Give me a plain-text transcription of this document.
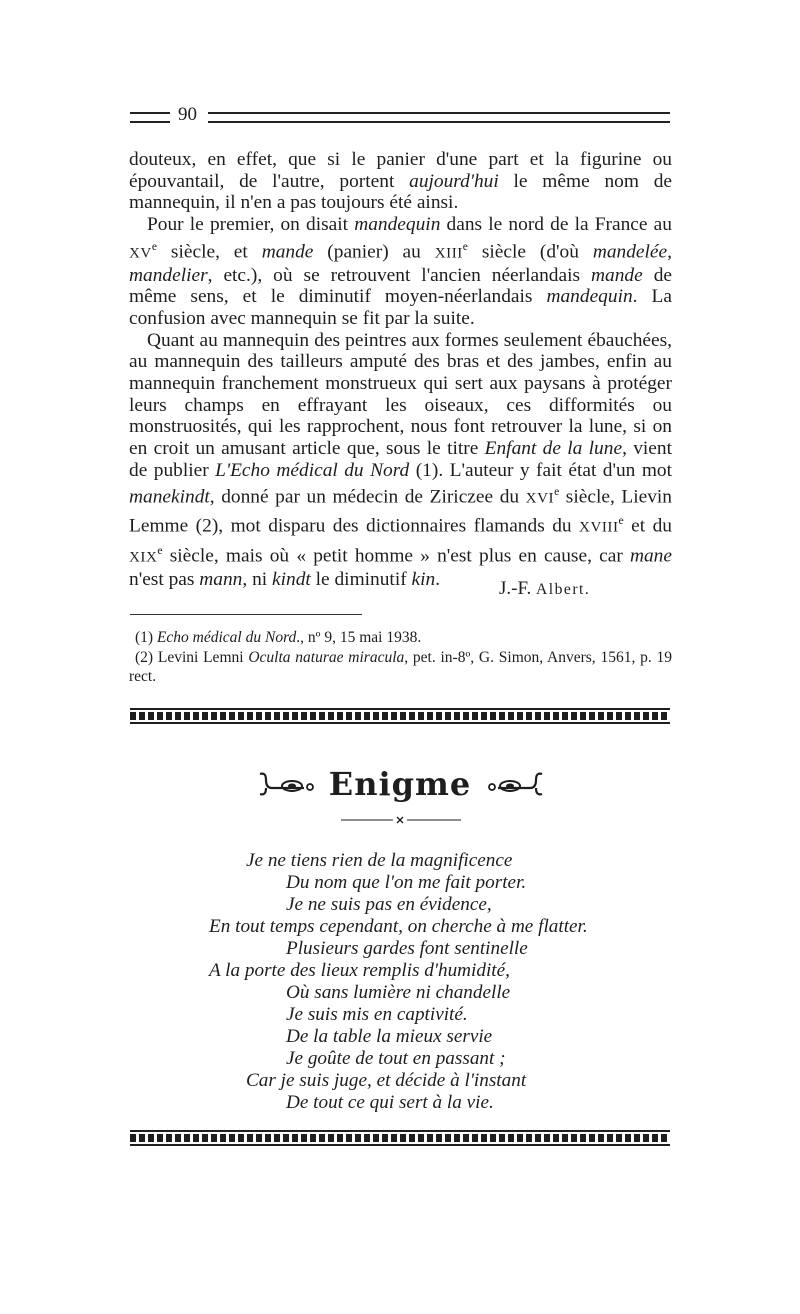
90

douteux, en effet, que si le panier d'une part et la figurine ou épouvantail, de l'autre, portent aujourd'hui le même nom de mannequin, il n'en a pas toujours été ainsi.

Pour le premier, on disait mandequin dans le nord de la France au XVe siècle, et mande (panier) au XIIIe siècle (d'où mandelée, mandelier, etc.), où se retrouvent l'ancien néerlandais mande de même sens, et le diminutif moyen-néerlandais mandequin. La confusion avec mannequin se fit par la suite.

Quant au mannequin des peintres aux formes seulement ébauchées, au mannequin des tailleurs amputé des bras et des jambes, enfin au mannequin franchement monstrueux qui sert aux paysans à protéger leurs champs en effrayant les oiseaux, ces difformités ou monstruosités, qui les rapprochent, nous font retrouver la lune, si on en croit un amusant article que, sous le titre Enfant de la lune, vient de publier L'Echo médical du Nord (1). L'auteur y fait état d'un mot manekindt, donné par un médecin de Ziriczee du XVIe siècle, Lievin Lemme (2), mot disparu des dictionnaires flamands du XVIIIe et du XIXe siècle, mais où « petit homme » n'est plus en cause, car mane n'est pas mann, ni kindt le diminutif kin.	J.-F. Albert.

(1) Echo médical du Nord., nº 9, 15 mai 1938.

(2) Levini Lemni Oculta naturae miracula, pet. in-8º, G. Simon, Anvers, 1561, p. 19 rect.

Enigme
Je ne tiens rien de la magnificence
Du nom que l'on me fait porter.
Je ne suis pas en évidence,
En tout temps cependant, on cherche à me flatter.
Plusieurs gardes font sentinelle
A la porte des lieux remplis d'humidité,
Où sans lumière ni chandelle
Je suis mis en captivité.
De la table la mieux servie
Je goûte de tout en passant ;
Car je suis juge, et décide à l'instant
De tout ce qui sert à la vie.
